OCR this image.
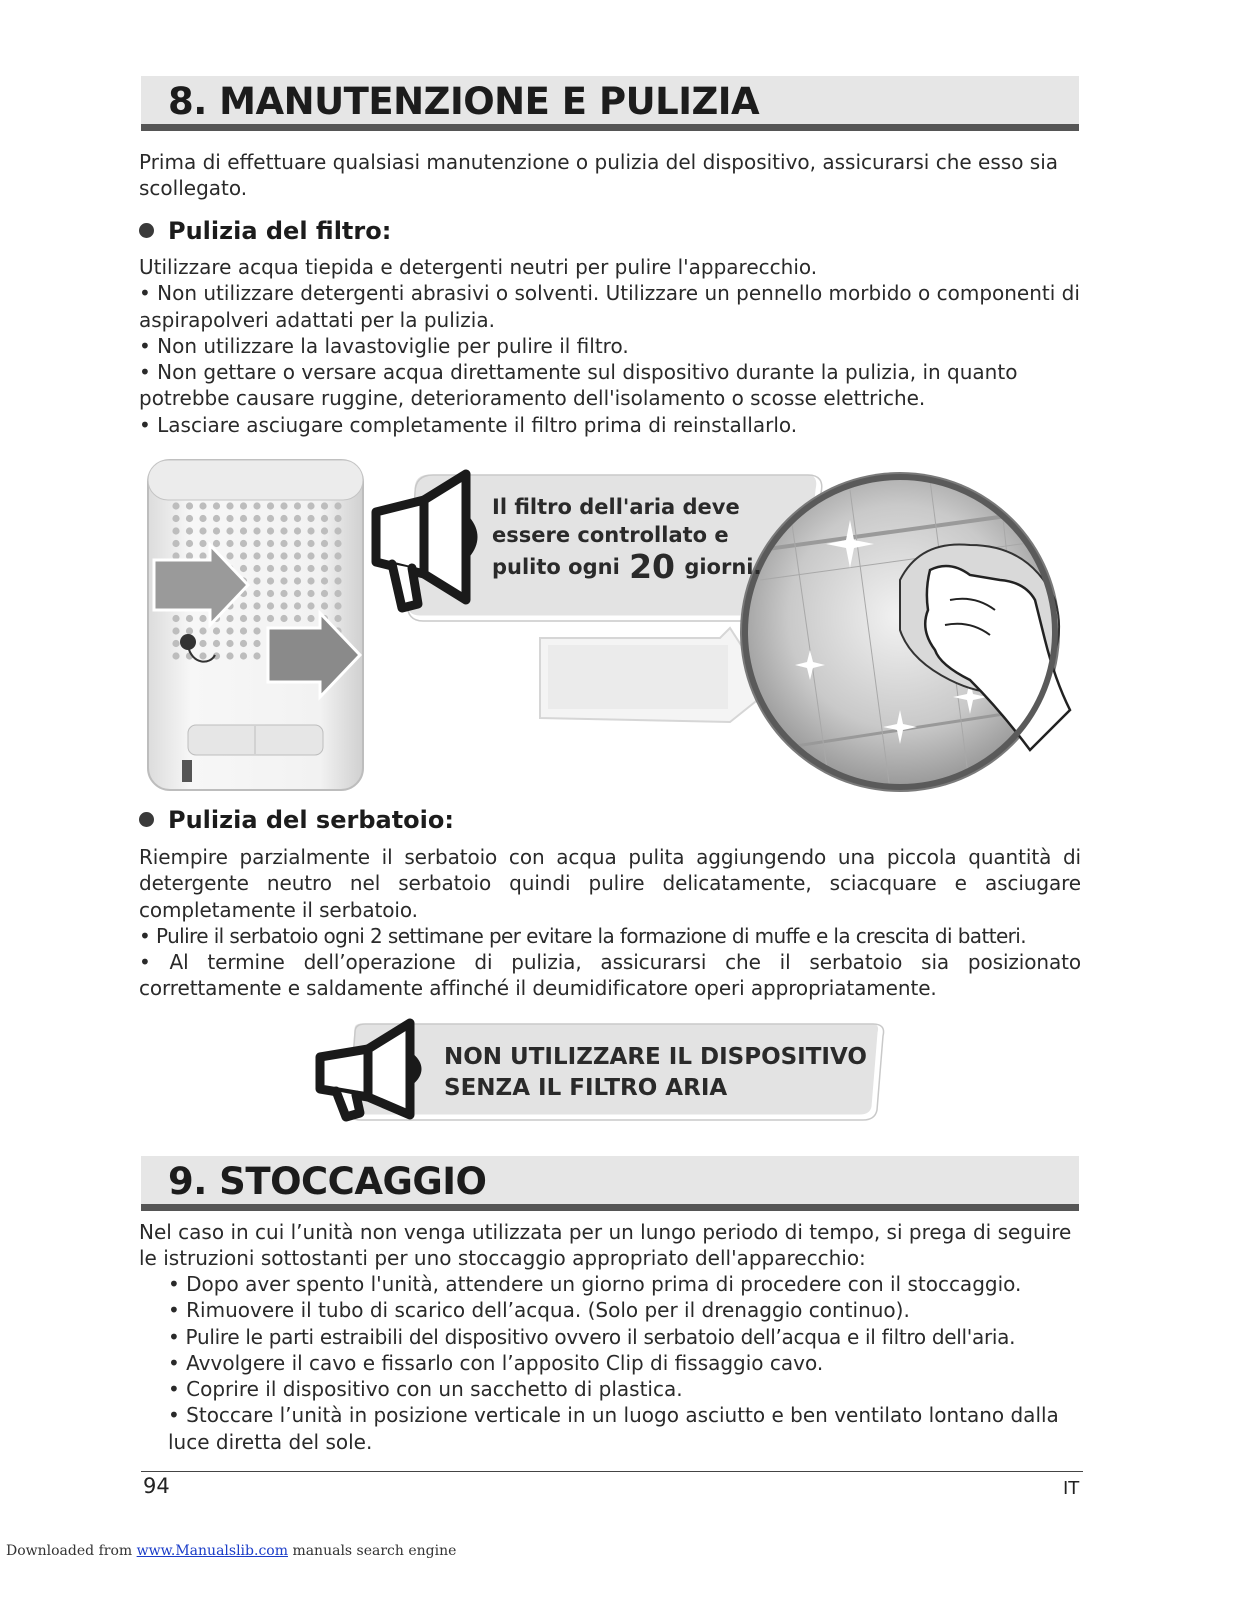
8. MANUTENZIONE E PULIZIA

Prima di effettuare qualsiasi manutenzione o pulizia del dispositivo, assicurarsi che esso sia scollegato.

Pulizia del filtro:

Utilizzare acqua tiepida e detergenti neutri per pulire l'apparecchio.

• Non utilizzare detergenti abrasivi o solventi. Utilizzare un pennello morbido o componenti di aspirapolveri adattati per la pulizia.

• Non utilizzare la lavastoviglie per pulire il filtro.

• Non gettare o versare acqua direttamente sul dispositivo durante la pulizia, in quanto potrebbe causare ruggine, deterioramento dell'isolamento o scosse elettriche.

• Lasciare asciugare completamente il filtro prima di reinstallarlo.

Il filtro dell'aria deve
essere controllato e
pulito ogni 20 giorni.
Pulizia del serbatoio:

Riempire parzialmente il serbatoio con acqua pulita aggiungendo una piccola quantità di detergente neutro nel serbatoio quindi pulire delicatamente, sciacquare e asciugare completamente il serbatoio.

• Pulire il serbatoio ogni 2 settimane per evitare la formazione di muffe e la crescita di batteri.

• Al termine dell’operazione di pulizia, assicurarsi che il serbatoio sia posizionato correttamente e saldamente affinché il deumidificatore operi appropriatamente.

NON UTILIZZARE IL DISPOSITIVO
SENZA IL FILTRO ARIA
9. STOCCAGGIO

Nel caso in cui l’unità non venga utilizzata per un lungo periodo di tempo, si prega di seguire le istruzioni sottostanti per uno stoccaggio appropriato dell'apparecchio:

• Dopo aver spento l'unità, attendere un giorno prima di procedere con il stoccaggio.

• Rimuovere il tubo di scarico dell’acqua. (Solo per il drenaggio continuo).

• Pulire le parti estraibili del dispositivo ovvero il serbatoio dell’acqua e il filtro dell'aria.

• Avvolgere il cavo e fissarlo con l’apposito Clip di fissaggio cavo.

• Coprire il dispositivo con un sacchetto di plastica.

• Stoccare l’unità in posizione verticale in un luogo asciutto e ben ventilato lontano dalla luce diretta del sole.

94	IT
Downloaded from www.Manualslib.com manuals search engine
